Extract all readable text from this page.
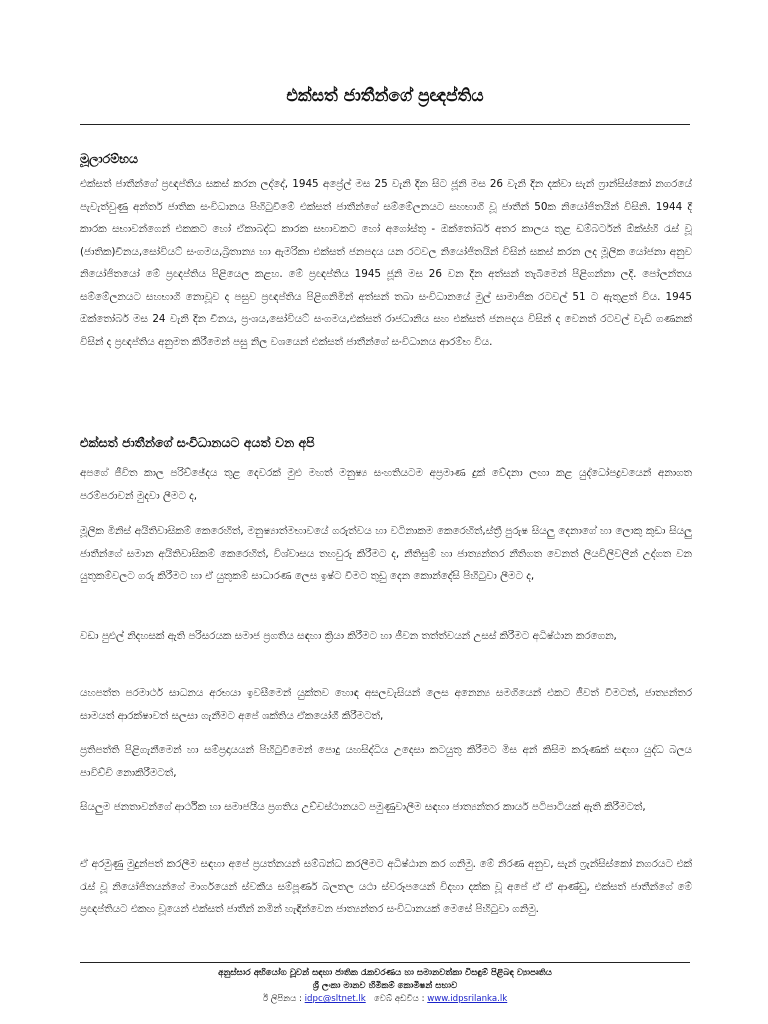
එක්සත් ජාතීන්ගේ ප්‍රඥප්තිය
මූලාරම්භය
එක්සත් ජාතීන්ගේ ප්‍රඥප්තිය සකස් කරන ලද්දේ, 1945 අප්‍රේල් මස 25 වැනි දින සිට ජූනි මස 26 වැනි දින දක්වා සැන් ෆ්‍රාන්සිස්කෝ නගරයේ පැවැත්වුණු අන්තර් ජාතික සංවිධානය පිහිටුවීමේ එක්සත් ජාතීන්ගේ සම්මේලනයට සහභාගි වූ ජාතීන් 50ක නියෝජිතයින් විසිනි. 1944 දී කාරක සභාවන්ගෙන් එකකට හෝ ඒකාබද්ධ කාරක සභාවකට හෝ අගෝස්තු - ඔක්තෝබර් අතර කාලය තුළ ඩම්බර්ටන් ඕක්ස්හි රැස් වූ (ජාතික)චීනය,සෝවියට් සංගමය,බ්‍රිතාන්‍ය හා ඇමරිකා එක්සත් ජනපදය යන රටවල නියෝජිතයින් විසින් සකස් කරන ලද මූලික යෝජනා අනුව නියෝජිතයෝ මේ ප්‍රඥප්තිය පිළියෙල කළහ. මේ ප්‍රඥප්තිය 1945 ජූනි මස 26 වන දින අත්සන් තැබීමෙන් පිළිගන්නා ලදි. පෝලන්තය සම්මේලනයට සහභාගි නොවූව ද පසුව ප්‍රඥප්තිය පිළිගනිමින් අත්සන් තබා සංවිධානයේ මුල් සාමාජික රටවල් 51 ට ඇතුළත් විය. 1945 ඔක්තෝබර් මස 24 වැනි දින චීනය, ප්‍රංශය,සෝවියට් සංගමය,එක්සත් රාජධානිය සහ එක්සත් ජනපදය විසින් ද වෙනත් රටවල් වැඩි ගණනක් විසින් ද ප්‍රඥප්තිය අනුමත කිරීමෙන් පසු නිල වශයෙන් එක්සත් ජාතීන්ගේ සංවිධානය ආරම්භ විය.
එක්සත් ජාතීන්ගේ සංවිධානයට අයත් වන අපි
අපගේ ජීවිත කාල පරිච්ඡේදය තුළ දෙවරක් මුළු මහත් මනුෂ්‍ය සංහතියටම අප්‍රමාණ දුක් වේදනා ලඟා කළ යුද්ධෝපද්‍රවයෙන් අනාගත පරම්පරාවන් මුදවා ලීමට ද,
මූලික මිනිස් අයිතිවාසිකම් කෙරෙහිත්, මනුෂ්‍යාත්මභාවයේ ගරුත්වය හා වටිනාකම කෙරෙහිත්,ස්ත්‍රී පුරුෂ සියලු දෙනාගේ හා ලොකු කුඩා සියලු ජාතීන්ගේ සමාන අයිතිවාසිකම් කෙරෙහිත්, විශ්වාසය තහවුරු කිරීමට ද, නීතිසුම් හා ජාත්‍යන්තර නීතිගත වෙනත් ලියවිලිවලින් උද්ගත වන යුතුකම්වලට ගරු කිරීමට හා ඒ යුතුකම් සාධාරණ ලෙස ඉෂ්ට වීමට තුඩු දෙන කොන්දේසි පිහිටුවා ලීමට ද,
වඩා පුළුල් නිදහසක් ඇති පරිසරයක සමාජ ප්‍රගතිය සඳහා ක්‍රියා කිරීමට හා ජීවන තත්ත්වයන් උසස් කිරීමට අධිෂ්ඨාන කරගෙන,
යහපත්ත පරමාර්ථ සාධනය අරභයා ඉවසීමෙන් යුක්තව හොඳ අසලවැසියන් ලෙස අනෙන්‍ය සමගියෙන් එකට ජීවත් වීමටත්, ජාත්‍යන්තර සාමයත් ආරක්ෂාවත් සලසා ගැනීමට අපේ ශක්තිය ඒකයෝගී කිරීමටත්,
ප්‍රතිපත්ති පිළිගැනීමෙන් හා සම්ප්‍රදායයන් පිහිටුවීමෙන් පොදු යහසිද්ධිය උදෙසා කටයුතු කිරීමට මිස අන් කිසිම කරුණක් සඳහා යුද්ධ බලය පාවිච්චි නොකිරීමටත්,
සියලුම ජනතාවන්ගේ ආර්ථික හා සමාජයීය ප්‍රගතිය උච්චස්ථානයට පමුණුවාලීම සඳහා ජාත්‍යන්තර කාර්ය පටිපාටියක් ඇති කිරීමටත්,
ඒ අරමුණු මුදුන්පත් කරලීම සඳහා අපේ ප්‍රයත්නයන් සම්බන්ධ කරලීමට අධිෂ්ඨාන කර ගනිමු. මේ නිරණ අනුව, සැන් ෆ්‍රැන්සිස්කෝ නගරයට එක් රැස් වූ නියෝජිතයන්ගේ මාර්ගයෙන් ස්වකීය සම්පූර්ණ බලතල යථා ස්වරූපයෙන් විදහා දක්ක වූ අපේ ඒ ඒ ආණ්ඩු, එක්සත් ජාතීන්ගේ මේ ප්‍රඥප්තියට එකඟ වූයෙන් එක්සත් ජාතීන් නමින් හැඳින්වෙන ජාත්‍යන්තර සංවිධානයක් මෙසේ පිහිටුවා ගනිමු.
අනුස්සාර අභියෝග වූවන් සඳහා ජාතික රැකවරණය හා සමානවත්කා විසඳුම් පිළිබඳ ව්‍යාපෘතිය
ශ්‍රී ලංකා මානව හිමිකම් කොමිෂන් සභාව
ඊ ලිපිනය : idpc@sltnet.lk වෙබ් අඩවිය : www.idpsrilanka.lk
